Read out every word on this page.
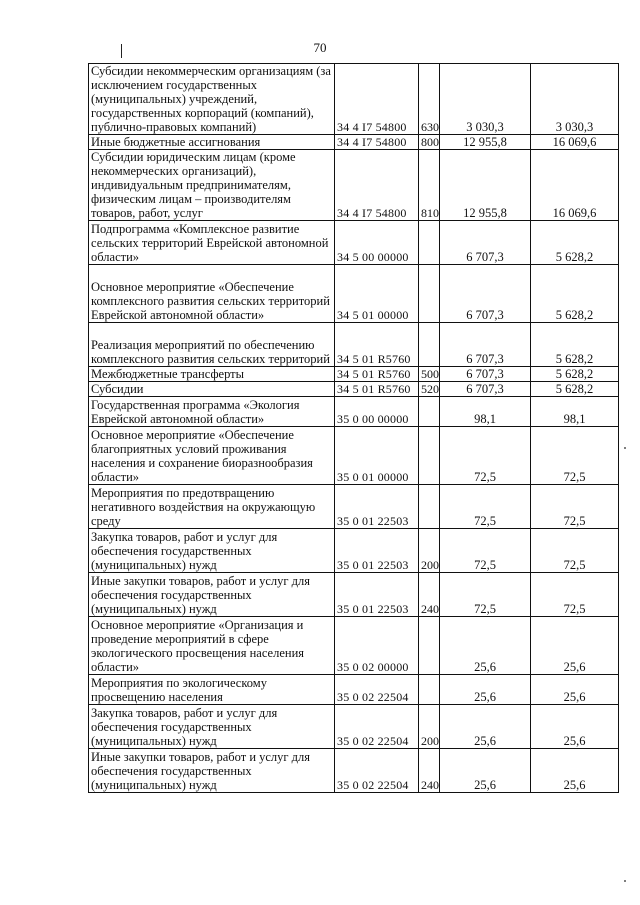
70
Субсидии некоммерческим организациям (за исключением государственных (муниципальных) учреждений, государственных корпораций (компаний), публично-правовых компаний)	34 4 I7 54800	630	3 030,3	3 030,3
Иные бюджетные ассигнования	34 4 I7 54800	800	12 955,8	16 069,6
Субсидии юридическим лицам (кроме некоммерческих организаций), индивидуальным предпринимателям, физическим лицам – производителям товаров, работ, услуг	34 4 I7 54800	810	12 955,8	16 069,6
Подпрограмма «Комплексное развитие сельских территорий Еврейской автономной области»	34 5 00 00000		6 707,3	5 628,2
Основное мероприятие «Обеспечение комплексного развития сельских территорий Еврейской автономной области»	34 5 01 00000		6 707,3	5 628,2
Реализация мероприятий по обеспечению комплексного развития сельских территорий	34 5 01 R5760		6 707,3	5 628,2
Межбюджетные трансферты	34 5 01 R5760	500	6 707,3	5 628,2
Субсидии	34 5 01 R5760	520	6 707,3	5 628,2
Государственная программа «Экология Еврейской автономной области»	35 0 00 00000		98,1	98,1
Основное мероприятие «Обеспечение благоприятных условий проживания населения и сохранение биоразнообразия области»	35 0 01 00000		72,5	72,5
Мероприятия по предотвращению негативного воздействия на окружающую среду	35 0 01 22503		72,5	72,5
Закупка товаров, работ и услуг для обеспечения государственных (муниципальных) нужд	35 0 01 22503	200	72,5	72,5
Иные закупки товаров, работ и услуг для обеспечения государственных (муниципальных) нужд	35 0 01 22503	240	72,5	72,5
Основное мероприятие «Организация и проведение мероприятий в сфере экологического просвещения населения области»	35 0 02 00000		25,6	25,6
Мероприятия по экологическому просвещению населения	35 0 02 22504		25,6	25,6
Закупка товаров, работ и услуг для обеспечения государственных (муниципальных) нужд	35 0 02 22504	200	25,6	25,6
Иные закупки товаров, работ и услуг для обеспечения государственных (муниципальных) нужд	35 0 02 22504	240	25,6	25,6
